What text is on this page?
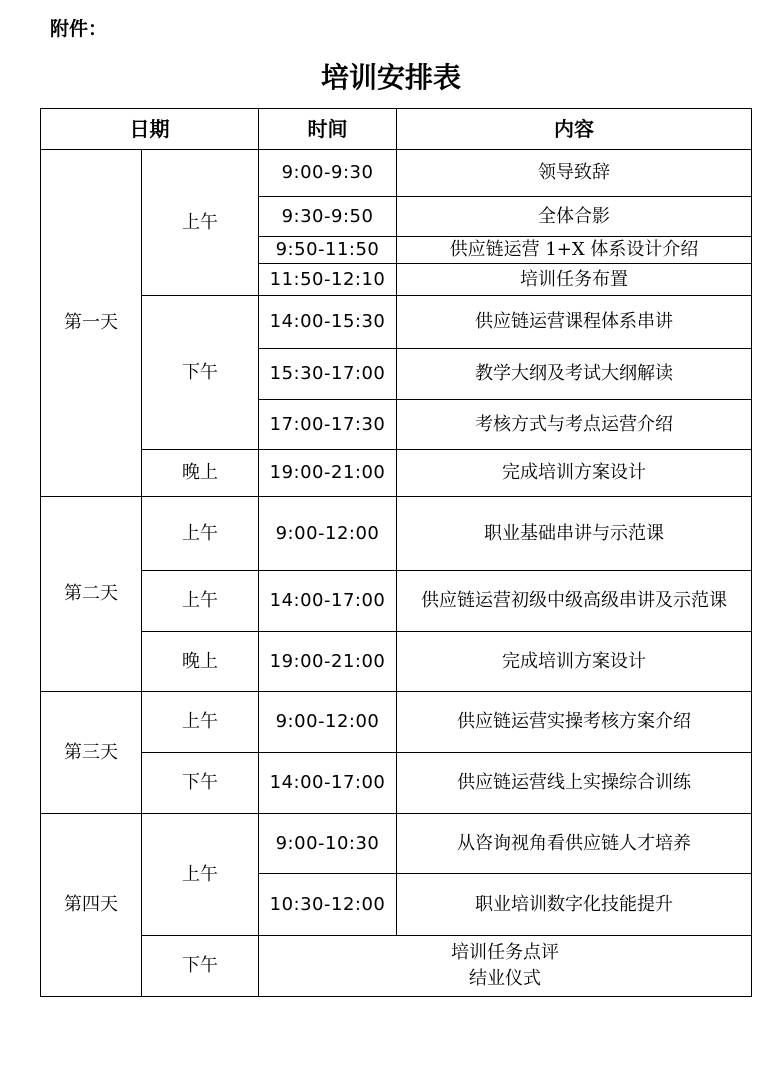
附件：
培训安排表
日期		时间	内容
第一天	上午	9:00-9:30	领导致辞
		9:30-9:50	全体合影
		9:50-11:50	供应链运营 1+X 体系设计介绍
		11:50-12:10	培训任务布置
	下午	14:00-15:30	供应链运营课程体系串讲
		15:30-17:00	教学大纲及考试大纲解读
		17:00-17:30	考核方式与考点运营介绍
	晚上	19:00-21:00	完成培训方案设计
第二天	上午	9:00-12:00	职业基础串讲与示范课
	上午	14:00-17:00	供应链运营初级中级高级串讲及示范课
	晚上	19:00-21:00	完成培训方案设计
第三天	上午	9:00-12:00	供应链运营实操考核方案介绍
	下午	14:00-17:00	供应链运营线上实操综合训练
第四天	上午	9:00-10:30	从咨询视角看供应链人才培养
		10:30-12:00	职业培训数字化技能提升
	下午	培训任务点评
结业仪式	
